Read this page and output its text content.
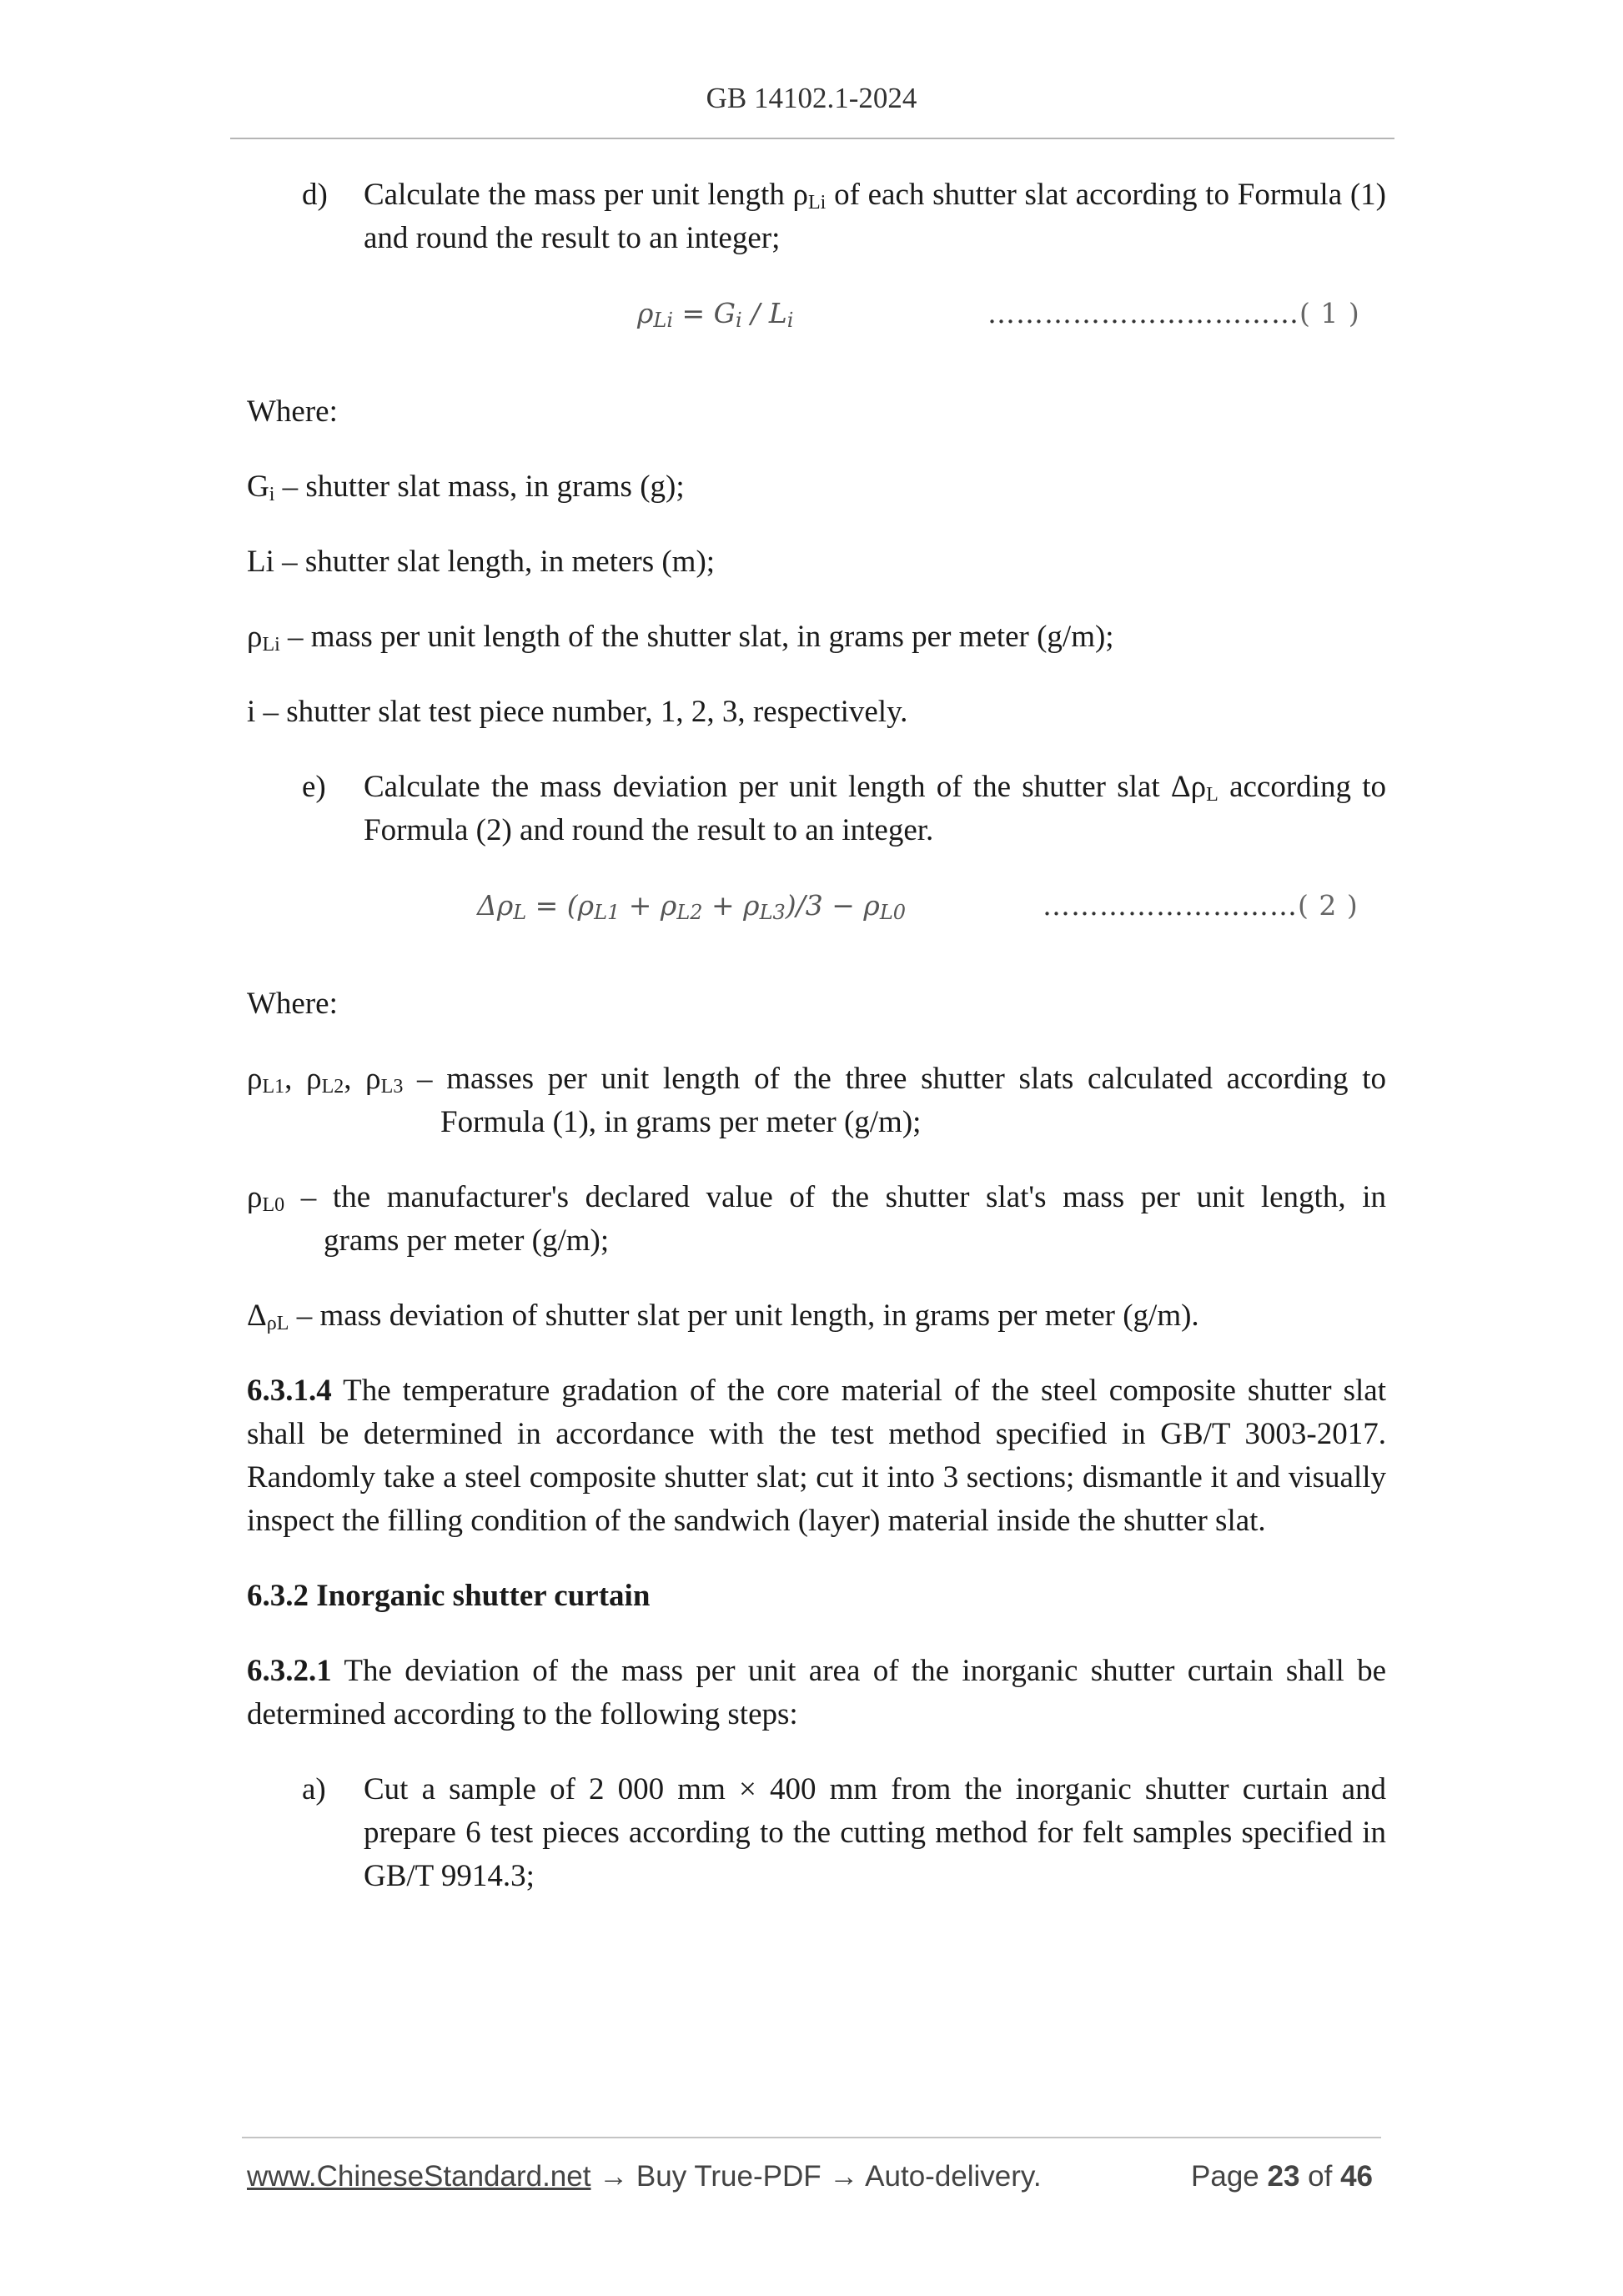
GB 14102.1-2024
d) Calculate the mass per unit length $\rho_{Li}$ of each shutter slat according to Formula (1) and round the result to an integer;
$\rho_{Li} = G_i / L_i$	……………………………( 1 )

Where:

$G_i$ – shutter slat mass, in grams (g);

Li – shutter slat length, in meters (m);

$\rho_{Li}$ – mass per unit length of the shutter slat, in grams per meter (g/m);

i – shutter slat test piece number, 1, 2, 3, respectively.

e) Calculate the mass deviation per unit length of the shutter slat $\Delta\rho_L$ according to Formula (2) and round the result to an integer.
$\Delta\rho_L = (\rho_{L1} + \rho_{L2} + \rho_{L3})/3 - \rho_{L0}$	………………………( 2 )

Where:

$\rho_{L1}$, $\rho_{L2}$, $\rho_{L3}$ – masses per unit length of the three shutter slats calculated according to
Formula (1), in grams per meter (g/m);
$\rho_{L0}$ – the manufacturer's declared value of the shutter slat's mass per unit length, in
grams per meter (g/m);

$\Delta_{\rho L}$ – mass deviation of shutter slat per unit length, in grams per meter (g/m).

6.3.1.4 The temperature gradation of the core material of the steel composite shutter slat shall be determined in accordance with the test method specified in GB/T 3003-2017. Randomly take a steel composite shutter slat; cut it into 3 sections; dismantle it and visually inspect the filling condition of the sandwich (layer) material inside the shutter slat.

6.3.2 Inorganic shutter curtain

6.3.2.1 The deviation of the mass per unit area of the inorganic shutter curtain shall be determined according to the following steps:

a) Cut a sample of 2 000 mm × 400 mm from the inorganic shutter curtain and prepare 6 test pieces according to the cutting method for felt samples specified in GB/T 9914.3;
www.ChineseStandard.net → Buy True-PDF → Auto-delivery.	Page 23 of 46
